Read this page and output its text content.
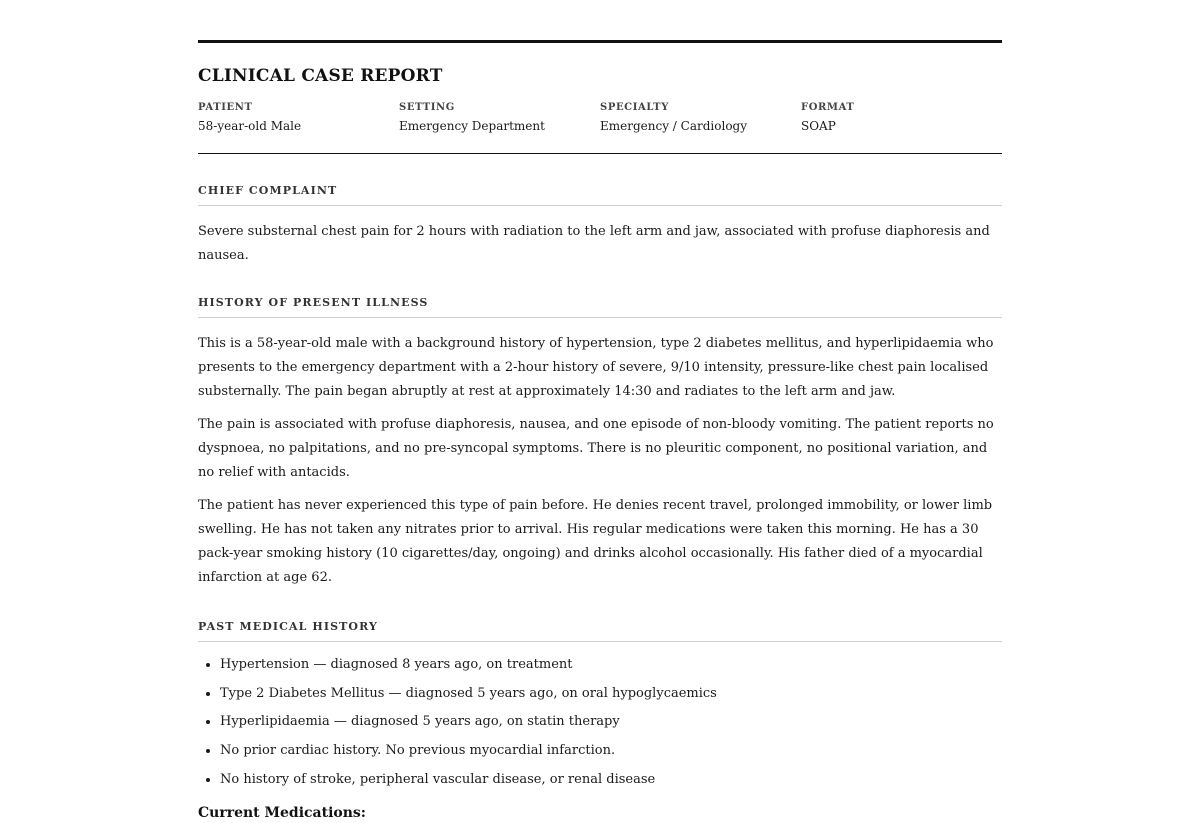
CLINICAL CASE REPORT
PATIENT
58-year-old Male
SETTING
Emergency Department
SPECIALTY
Emergency / Cardiology
FORMAT
SOAP
CHIEF COMPLAINT

Severe substernal chest pain for 2 hours with radiation to the left arm and jaw, associated with profuse diaphoresis and nausea.

HISTORY OF PRESENT ILLNESS

This is a 58-year-old male with a background history of hypertension, type 2 diabetes mellitus, and hyperlipidaemia who presents to the emergency department with a 2-hour history of severe, 9/10 intensity, pressure-like chest pain localised substernally. The pain began abruptly at rest at approximately 14:30 and radiates to the left arm and jaw.

The pain is associated with profuse diaphoresis, nausea, and one episode of non-bloody vomiting. The patient reports no dyspnoea, no palpitations, and no pre-syncopal symptoms. There is no pleuritic component, no positional variation, and no relief with antacids.

The patient has never experienced this type of pain before. He denies recent travel, prolonged immobility, or lower limb swelling. He has not taken any nitrates prior to arrival. His regular medications were taken this morning. He has a 30 pack-year smoking history (10 cigarettes/day, ongoing) and drinks alcohol occasionally. His father died of a myocardial infarction at age 62.

PAST MEDICAL HISTORY
• Hypertension — diagnosed 8 years ago, on treatment
• Type 2 Diabetes Mellitus — diagnosed 5 years ago, on oral hypoglycaemics
• Hyperlipidaemia — diagnosed 5 years ago, on statin therapy
• No prior cardiac history. No previous myocardial infarction.
• No history of stroke, peripheral vascular disease, or renal disease
Current Medications:
